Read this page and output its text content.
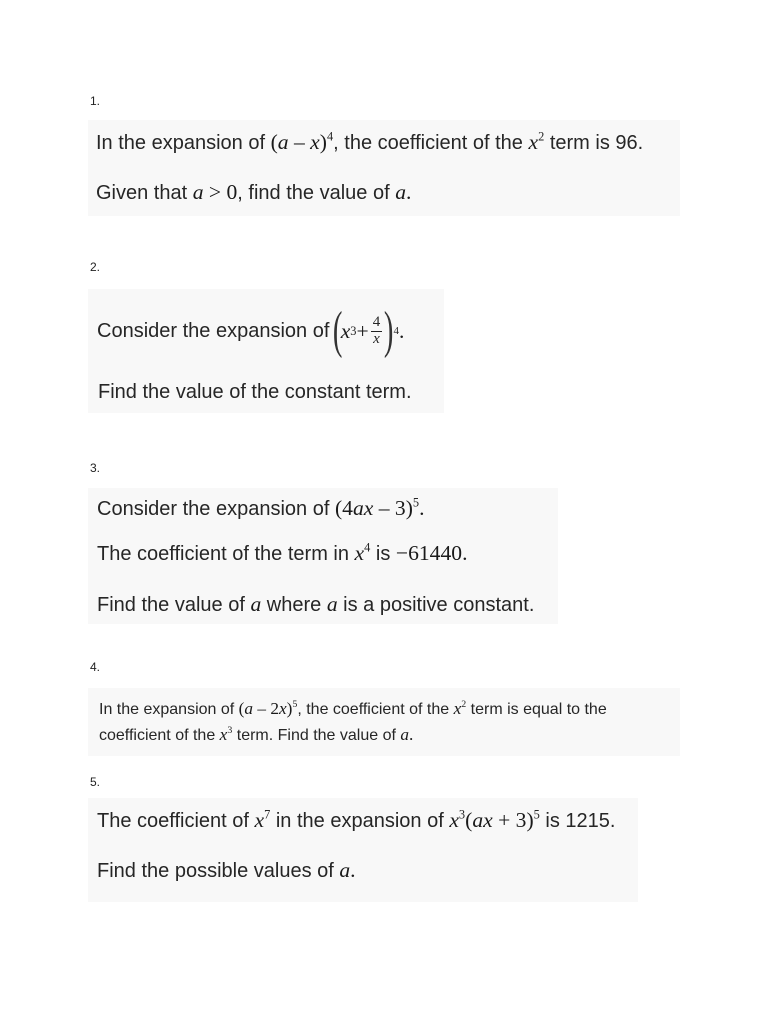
1.
In the expansion of (a – x)$^4$, the coefficient of the $x^2$ term is 96.
Given that a > 0, find the value of a.
2.
Consider the expansion of (
x $3 + \frac{4}{x}$ ) 4 .
Find the value of the constant term.
3.
Consider the expansion of (4ax – 3)$^5$.
The coefficient of the term in $x^4$ is −61440.
Find the value of a where a is a positive constant.
4.
In the expansion of (a – 2x)$^5$, the coefficient of the $x^2$ term is equal to the
coefficient of the $x^3$ term. Find the value of a.
5.
The coefficient of $x^7$ in the expansion of $x^3(ax + 3)^5$ is 1215.
Find the possible values of a.
